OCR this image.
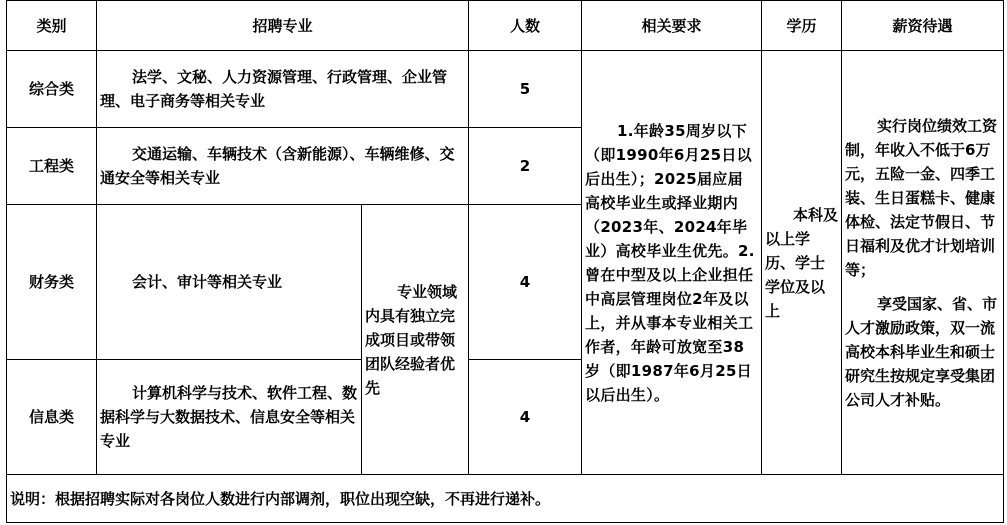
类别	招聘专业		人数	相关要求	学历	薪资待遇
综合类	法学、文秘、人力资源管理、行政管理、企业管理、电子商务等相关专业		5	1.年龄35周岁以下（即1990年6月25日以后出生）；2025届应届高校毕业生或择业期内（2023年、2024年毕业）高校毕业生优先。2.曾在中型及以上企业担任中高层管理岗位2年及以上，并从事本专业相关工作者，年龄可放宽至38岁（即1987年6月25日以后出生）。	本科及以上学历、学士学位及以上	实行岗位绩效工资制，年收入不低于6万元，五险一金、四季工装、生日蛋糕卡、健康体检、法定节假日、节日福利及优才计划培训等；

享受国家、省、市人才激励政策，双一流高校本科毕业生和硕士研究生按规定享受集团公司人才补贴。

工程类	交通运输、车辆技术（含新能源）、车辆维修、交通安全等相关专业		2			
财务类	会计、审计等相关专业	专业领域内具有独立完成项目或带领团队经验者优先	4			
信息类	计算机科学与技术、软件工程、数据科学与大数据技术、信息安全等相关专业		4			
说明：根据招聘实际对各岗位人数进行内部调剂，职位出现空缺，不再进行递补。						
